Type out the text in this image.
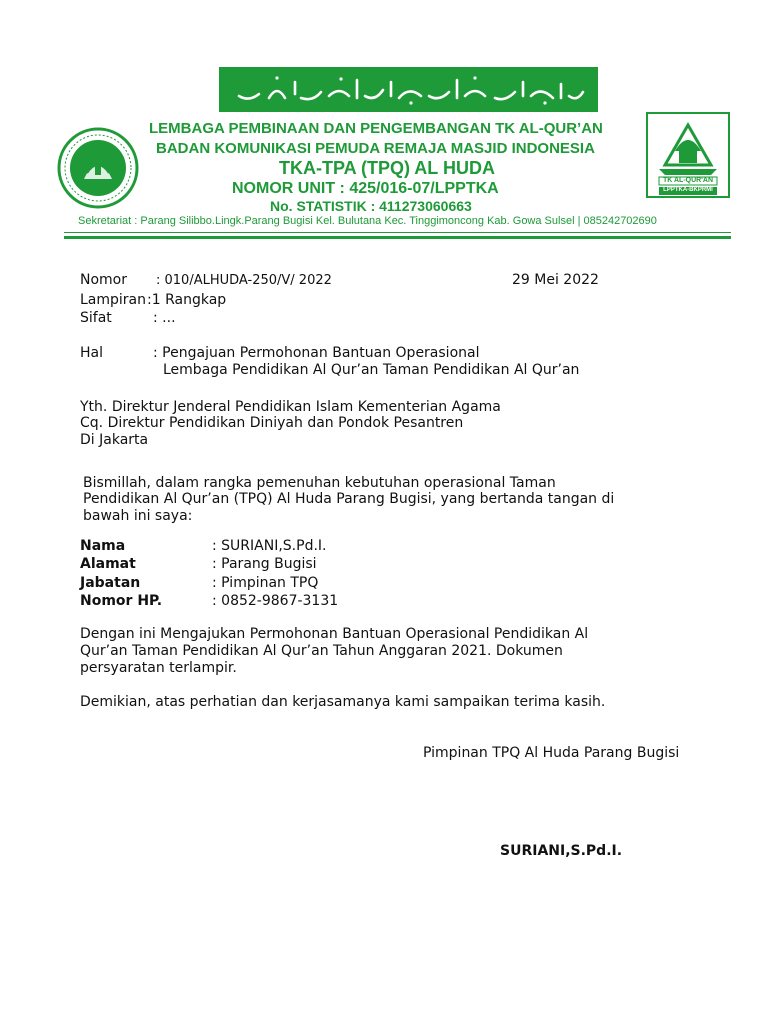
TK AL-QUR'AN
LPPTKA-BKPRMI
LEMBAGA PEMBINAAN DAN PENGEMBANGAN TK AL-QUR’AN
BADAN KOMUNIKASI PEMUDA REMAJA MASJID INDONESIA
TKA-TPA (TPQ) AL HUDA
NOMOR UNIT : 425/016-07/LPPTKA
No. STATISTIK : 411273060663
Sekretariat : Parang Silibbo.Lingk.Parang Bugisi Kel. Bulutana Kec. Tinggimoncong Kab. Gowa Sulsel | 085242702690
Nomor : 010/ALHUDA-250/V/ 2022	29 Mei 2022
Lampiran :1 Rangkap
Sifat	: ...
Hal	: Pengajuan Permohonan Bantuan Operasional
Lembaga Pendidikan Al Qur’an Taman Pendidikan Al Qur’an
Yth. Direktur Jenderal Pendidikan Islam Kementerian Agama
Cq. Direktur Pendidikan Diniyah dan Pondok Pesantren
Di Jakarta
Bismillah, dalam rangka pemenuhan kebutuhan operasional Taman
Pendidikan Al Qur’an (TPQ) Al Huda Parang Bugisi, yang bertanda tangan di
bawah ini saya:
Nama	: SURIANI,S.Pd.I.
Alamat	: Parang Bugisi
Jabatan	: Pimpinan TPQ
Nomor HP.	: 0852-9867-3131
Dengan ini Mengajukan Permohonan Bantuan Operasional Pendidikan Al
Qur’an Taman Pendidikan Al Qur’an Tahun Anggaran 2021. Dokumen
persyaratan terlampir.
Demikian, atas perhatian dan kerjasamanya kami sampaikan terima kasih.
Pimpinan TPQ Al Huda Parang Bugisi
SURIANI,S.Pd.I.
